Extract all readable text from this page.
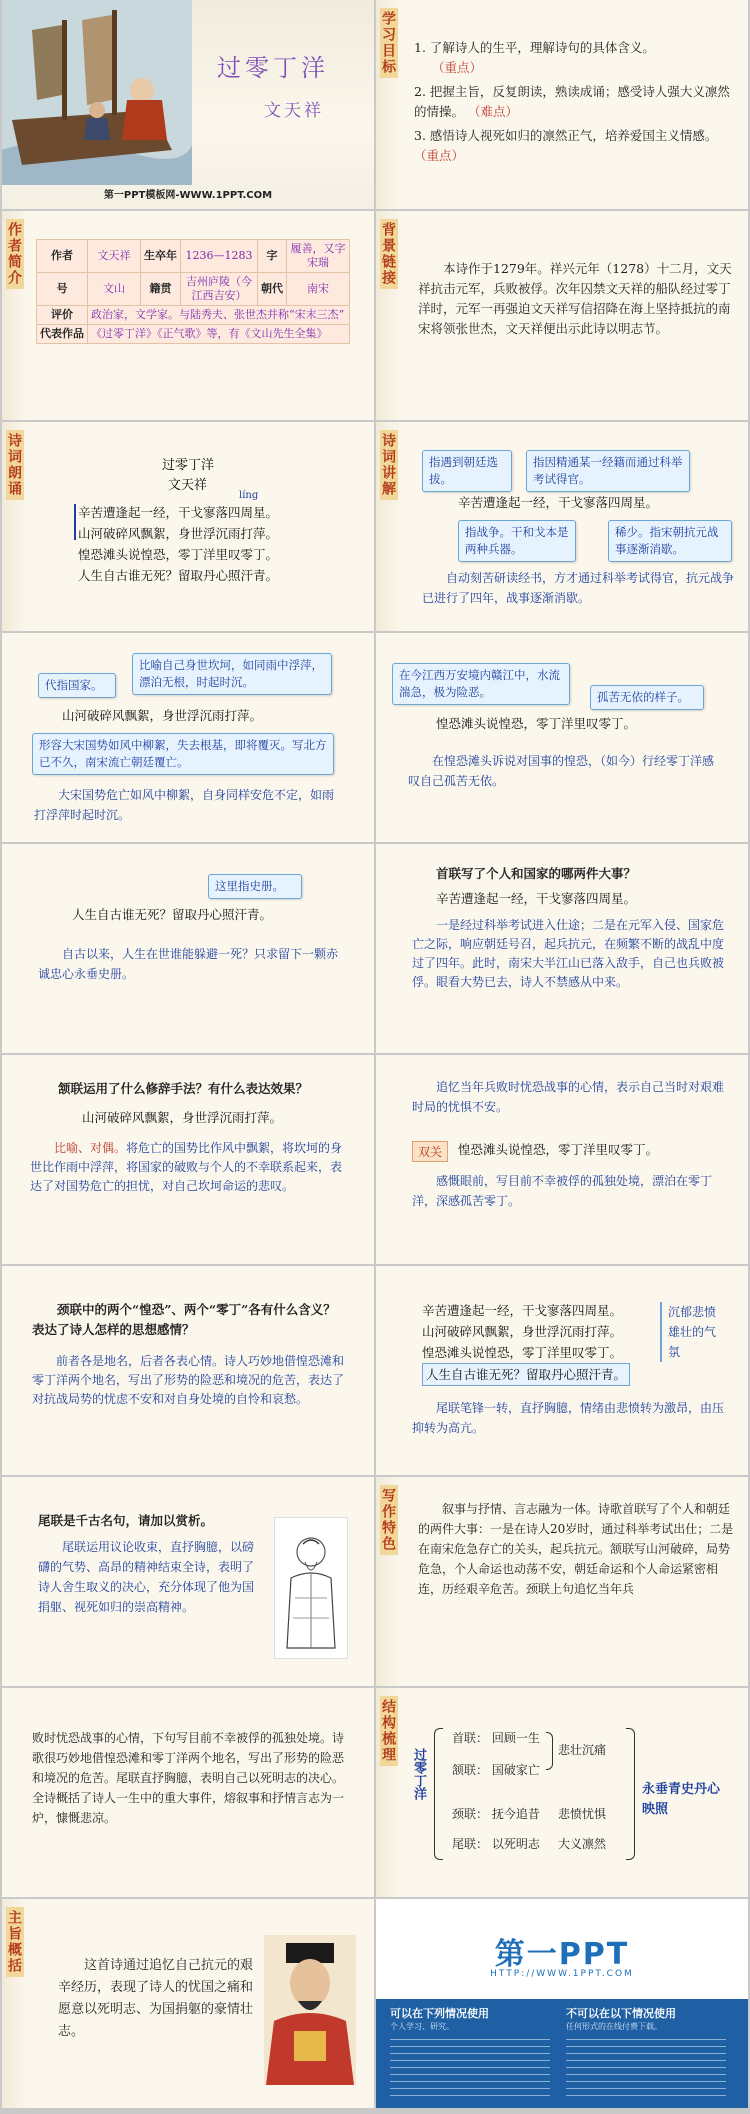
过零丁洋
文天祥
第一PPT模板网-WWW.1PPT.COM
学习目标 1. 了解诗人的生平，理解诗句的具体含义。
（重点）
2. 把握主旨，反复朗读，熟读成诵；感受诗人强大义凛然的情操。 （难点）
3. 感悟诗人视死如归的凛然正气，培养爱国主义情感。 （重点）
作者简介	作者	文天祥	生卒年	1236—1283	字	履善，又字宋瑞
号	文山	籍贯	吉州庐陵（今江西吉安）	朝代	南宋
评价	政治家，文学家。与陆秀夫、张世杰并称“宋末三杰”				
代表作品	《过零丁洋》《正气歌》等，有《文山先生全集》				
背景链接	本诗作于1279年。祥兴元年（1278）十二月，文天祥抗击元军，兵败被俘。次年囚禁文天祥的船队经过零丁洋时，元军一再强迫文天祥写信招降在海上坚持抵抗的南宋将领张世杰，文天祥便出示此诗以明志节。
诗词朗诵	过零丁洋
文天祥
líng
辛苦遭逢起一经，干戈寥落四周星。
山河破碎风飘絮，身世浮沉雨打萍。
惶恐滩头说惶恐，零丁洋里叹零丁。
人生自古谁无死？留取丹心照汗青。
诗词讲解	指遇到朝廷选拔。
指因精通某一经籍而通过科举考试得官。
辛苦遭逢起一经，干戈寥落四周星。
指战争。干和戈本是两种兵器。
稀少。指宋朝抗元战事逐渐消歇。
自动刻苦研读经书，方才通过科举考试得官，抗元战争已进行了四年，战事逐渐消歇。
代指国家。
比喻自己身世坎坷，如同雨中浮萍，漂泊无根，时起时沉。
山河破碎风飘絮，身世浮沉雨打萍。
形容大宋国势如风中柳絮，失去根基，即将覆灭。写北方已不久，南宋流亡朝廷覆亡。
大宋国势危亡如风中柳絮，自身同样安危不定，如雨打浮萍时起时沉。
在今江西万安境内赣江中，水流湍急，极为险恶。	孤苦无依的样子。
惶恐滩头说惶恐，零丁洋里叹零丁。
在惶恐滩头诉说对国事的惶恐，（如今）行经零丁洋感叹自己孤苦无依。
这里指史册。
人生自古谁无死？留取丹心照汗青。
自古以来，人生在世谁能躲避一死？只求留下一颗赤诚忠心永垂史册。
首联写了个人和国家的哪两件大事？
辛苦遭逢起一经，干戈寥落四周星。
一是经过科举考试进入仕途；二是在元军入侵、国家危亡之际，响应朝廷号召，起兵抗元，在频繁不断的战乱中度过了四年。此时，南宋大半江山已落入敌手，自己也兵败被俘。眼看大势已去，诗人不禁感从中来。
颔联运用了什么修辞手法？有什么表达效果？
山河破碎风飘絮，身世浮沉雨打萍。
比喻、对偶。将危亡的国势比作风中飘絮，将坎坷的身世比作雨中浮萍，将国家的破败与个人的不幸联系起来，表达了对国势危亡的担忧，对自己坎坷命运的悲叹。
追忆当年兵败时忧恐战事的心情，表示自己当时对艰难时局的忧惧不安。
双关	惶恐滩头说惶恐，零丁洋里叹零丁。
感慨眼前，写目前不幸被俘的孤独处境，漂泊在零丁洋，深感孤苦零丁。
颈联中的两个“惶恐”、两个“零丁”各有什么含义？表达了诗人怎样的思想感情？
前者各是地名，后者各表心情。诗人巧妙地借惶恐滩和零丁洋两个地名，写出了形势的险恶和境况的危苦，表达了对抗战局势的忧虑不安和对自身处境的自怜和哀愁。
辛苦遭逢起一经，干戈寥落四周星。
山河破碎风飘絮，身世浮沉雨打萍。
惶恐滩头说惶恐，零丁洋里叹零丁。
人生自古谁无死？留取丹心照汗青。
沉郁悲愤雄壮的气氛
尾联笔锋一转，直抒胸臆，情绪由悲愤转为激昂，由压抑转为高亢。
尾联是千古名句，请加以赏析。
尾联运用议论收束，直抒胸臆，以磅礴的气势、高昂的精神结束全诗，表明了诗人舍生取义的决心，充分体现了他为国捐躯、视死如归的崇高精神。
写作特色	叙事与抒情、言志融为一体。诗歌首联写了个人和朝廷的两件大事：一是在诗人20岁时，通过科举考试出仕；二是在南宋危急存亡的关头，起兵抗元。颔联写山河破碎，局势危急，个人命运也动荡不安，朝廷命运和个人命运紧密相连，历经艰辛危苦。颈联上句追忆当年兵
败时忧恐战事的心情，下句写目前不幸被俘的孤独处境。诗歌很巧妙地借惶恐滩和零丁洋两个地名，写出了形势的险恶和境况的危苦。尾联直抒胸臆，表明自己以死明志的决心。全诗概括了诗人一生中的重大事件，熔叙事和抒情言志为一炉，慷慨悲凉。
结构梳理
过零丁洋
首联： 回顾一生
颔联： 国破家亡
颈联： 抚今追昔
尾联： 以死明志
悲壮沉痛
悲愤忧惧
大义凛然
永垂青史丹心映照
主旨概括	这首诗通过追忆自己抗元的艰辛经历，表现了诗人的忧国之痛和愿意以死明志、为国捐躯的豪情壮志。
第一PPT
HTTP://WWW.1PPT.COM
可以在下列情况使用
个人学习、研究。
不可以在以下情况使用
任何形式的在线付费下载。
